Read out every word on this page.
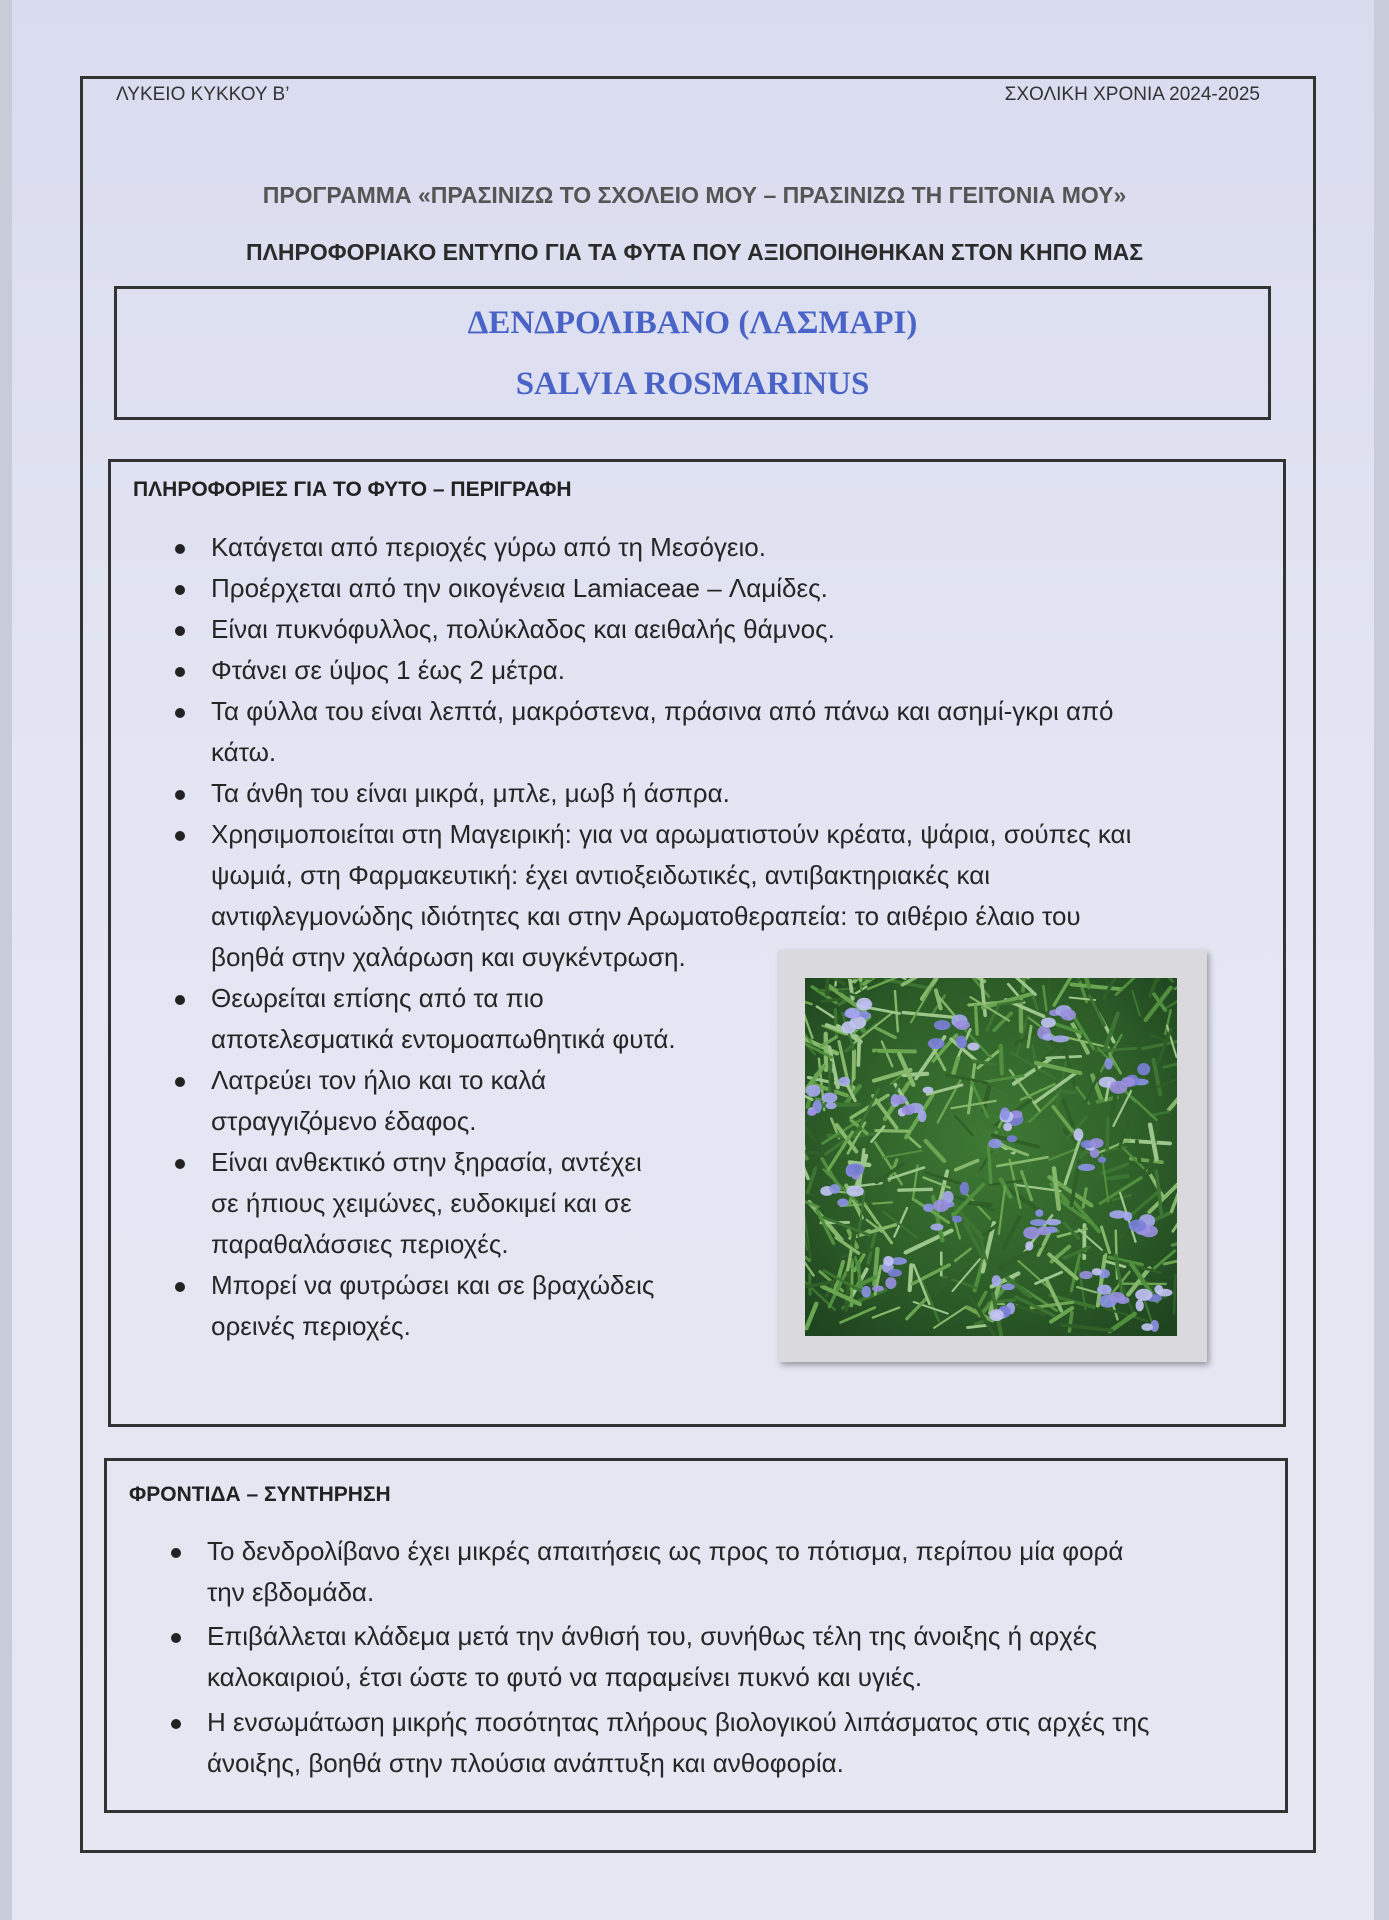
ΛΥΚΕΙΟ ΚΥΚΚΟΥ Β’	ΣΧΟΛΙΚΗ ΧΡΟΝΙΑ 2024-2025
ΠΡΟΓΡΑΜΜΑ «ΠΡΑΣΙΝΙΖΩ ΤΟ ΣΧΟΛΕΙΟ ΜΟΥ – ΠΡΑΣΙΝΙΖΩ ΤΗ ΓΕΙΤΟΝΙΑ ΜΟΥ»
ΠΛΗΡΟΦΟΡΙΑΚΟ ΕΝΤΥΠΟ ΓΙΑ ΤΑ ΦΥΤΑ ΠΟΥ ΑΞΙΟΠΟΙΗΘΗΚΑΝ ΣΤΟΝ ΚΗΠΟ ΜΑΣ
ΔΕΝΔΡΟΛΙΒΑΝΟ (ΛΑΣΜΑΡΙ)
SALVIA ROSMARINUS
ΠΛΗΡΟΦΟΡΙΕΣ ΓΙΑ ΤΟ ΦΥΤΟ – ΠΕΡΙΓΡΑΦΗ
Κατάγεται από περιοχές γύρω από τη Μεσόγειο.
Προέρχεται από την οικογένεια Lamiaceae – Λαμίδες.
Είναι πυκνόφυλλος, πολύκλαδος και αειθαλής θάμνος.
Φτάνει σε ύψος 1 έως 2 μέτρα.
Τα φύλλα του είναι λεπτά, μακρόστενα, πράσινα από πάνω και ασημί-γκρι από
κάτω.
Τα άνθη του είναι μικρά, μπλε, μωβ ή άσπρα.
Χρησιμοποιείται στη Μαγειρική: για να αρωματιστούν κρέατα, ψάρια, σούπες και
ψωμιά, στη Φαρμακευτική: έχει αντιοξειδωτικές, αντιβακτηριακές και
αντιφλεγμονώδης ιδιότητες και στην Αρωματοθεραπεία: το αιθέριο έλαιο του
βοηθά στην χαλάρωση και συγκέντρωση.
Θεωρείται επίσης από τα πιο
αποτελεσματικά εντομοαπωθητικά φυτά.
Λατρεύει τον ήλιο και το καλά
στραγγιζόμενο έδαφος.
Είναι ανθεκτικό στην ξηρασία, αντέχει
σε ήπιους χειμώνες, ευδοκιμεί και σε
παραθαλάσσιες περιοχές.
Μπορεί να φυτρώσει και σε βραχώδεις
ορεινές περιοχές.
ΦΡΟΝΤΙΔΑ – ΣΥΝΤΗΡΗΣΗ
Το δενδρολίβανο έχει μικρές απαιτήσεις ως προς το πότισμα, περίπου μία φορά
την εβδομάδα.
Επιβάλλεται κλάδεμα μετά την άνθισή του, συνήθως τέλη της άνοιξης ή αρχές
καλοκαιριού, έτσι ώστε το φυτό να παραμείνει πυκνό και υγιές.
Η ενσωμάτωση μικρής ποσότητας πλήρους βιολογικού λιπάσματος στις αρχές της
άνοιξης, βοηθά στην πλούσια ανάπτυξη και ανθοφορία.
